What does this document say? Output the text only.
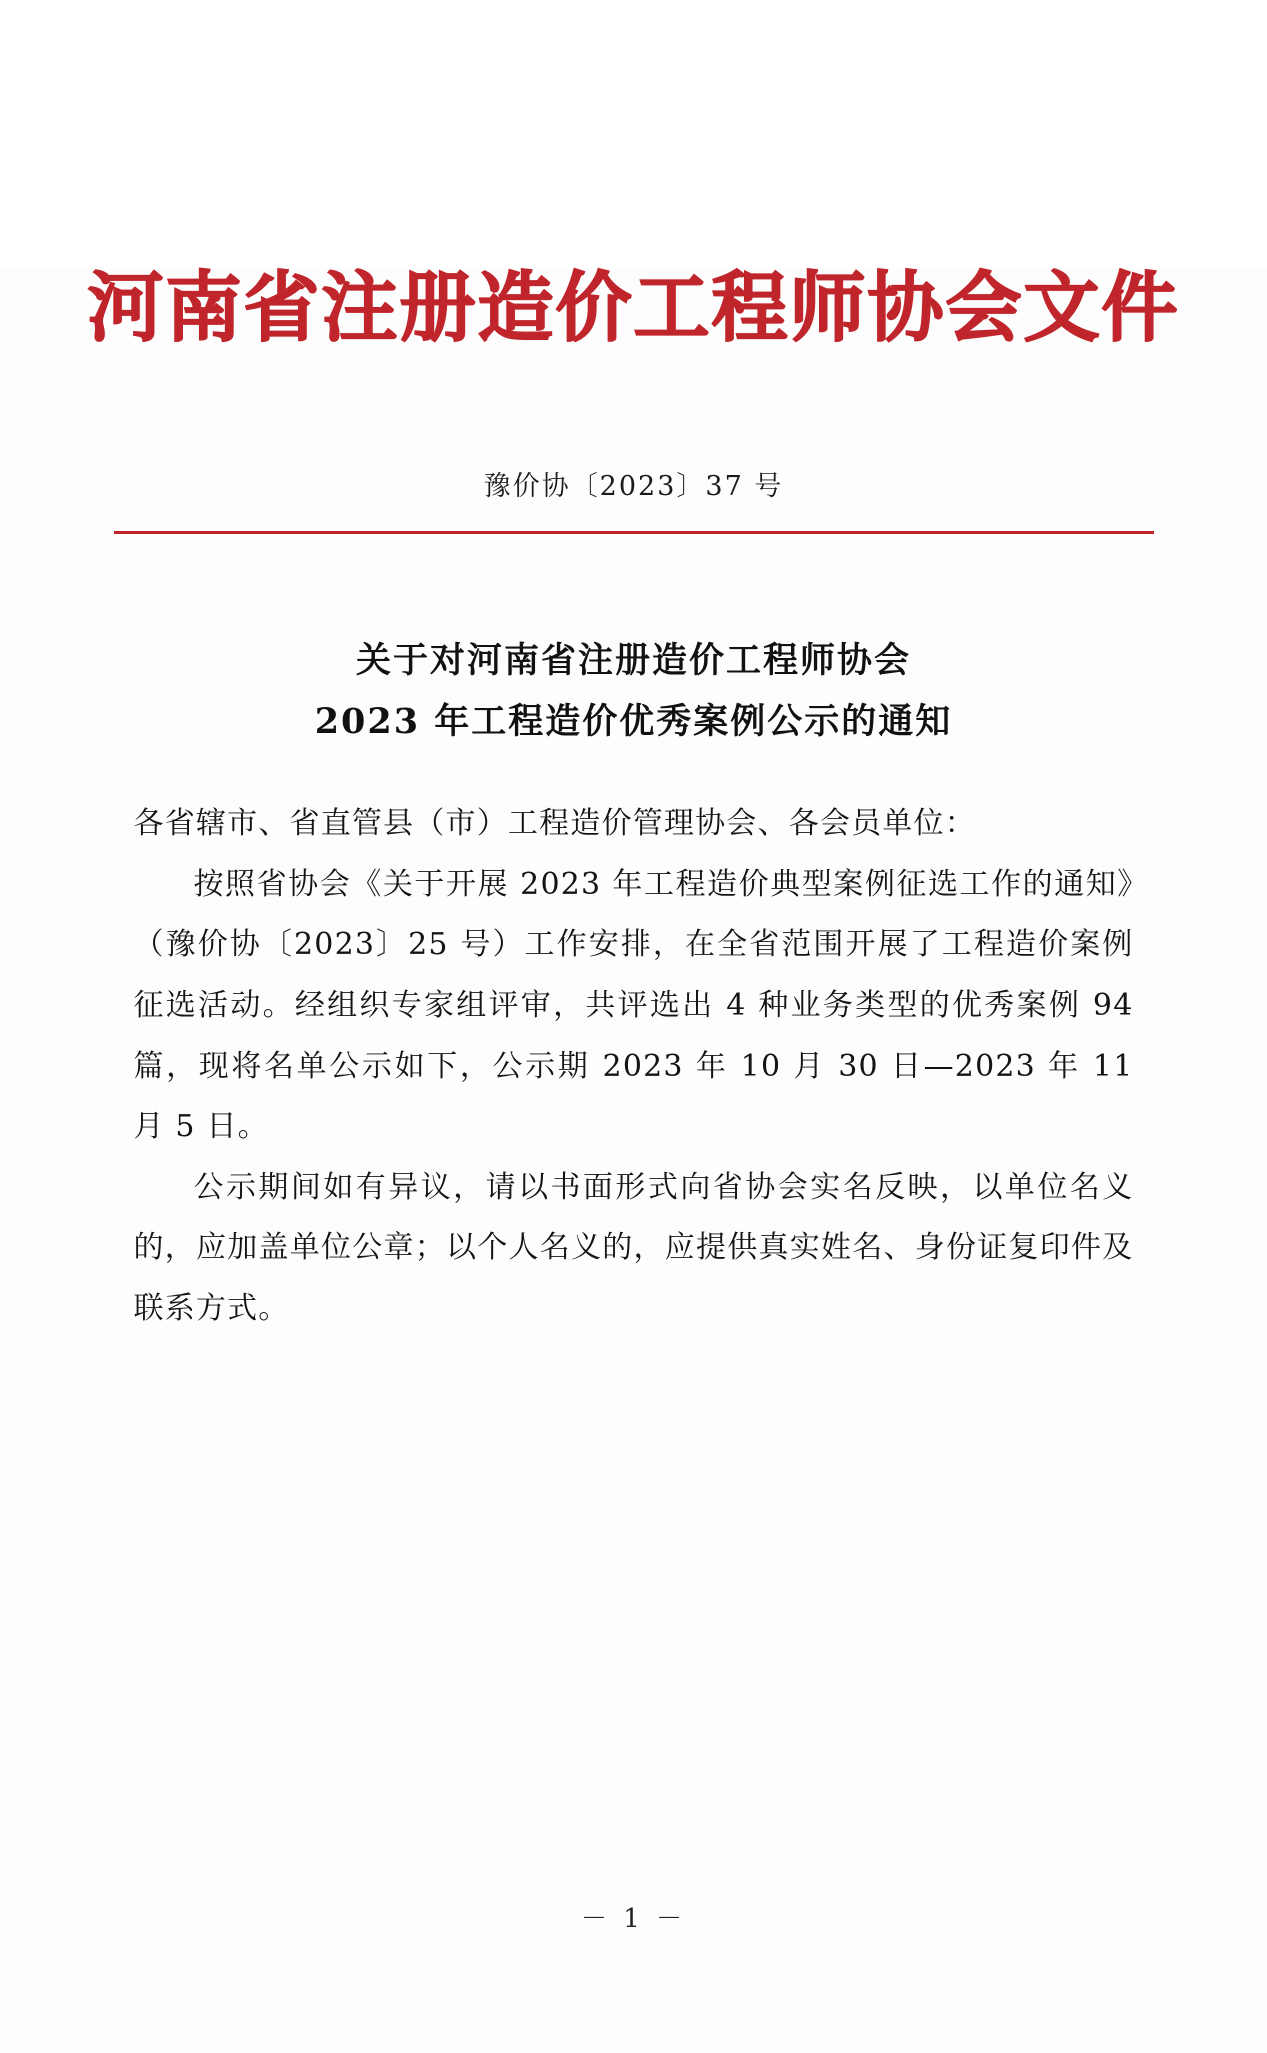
河南省注册造价工程师协会文件
豫价协〔2023〕37 号
关于对河南省注册造价工程师协会
2023 年工程造价优秀案例公示的通知

各省辖市、省直管县（市）工程造价管理协会、各会员单位：

按照省协会《关于开展 2023 年工程造价典型案例征选工作的通知》（豫价协〔2023〕25 号）工作安排，在全省范围开展了工程造价案例征选活动。经组织专家组评审，共评选出 4 种业务类型的优秀案例 94 篇，现将名单公示如下，公示期 2023 年 10 月 30 日—2023 年 11 月 5 日。

公示期间如有异议，请以书面形式向省协会实名反映，以单位名义的，应加盖单位公章；以个人名义的，应提供真实姓名、身份证复印件及联系方式。

－ 1 －
